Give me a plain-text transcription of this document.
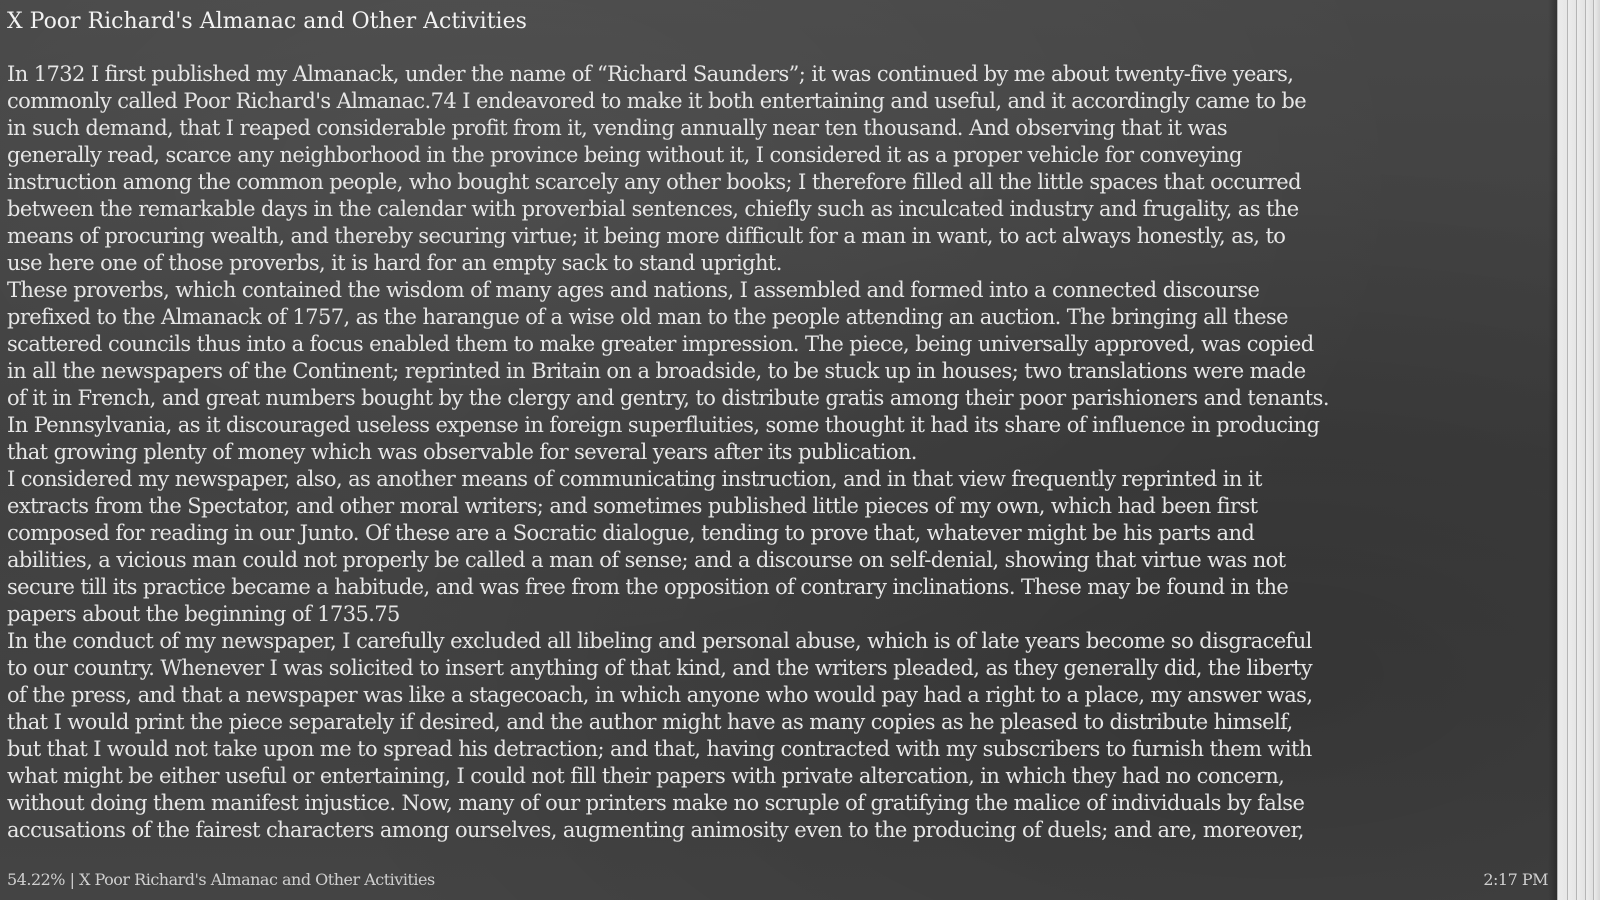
X Poor Richard's Almanac and Other Activities
In 1732 I first published my Almanack, under the name of “Richard Saunders”; it was continued by me about twenty-five years,
commonly called Poor Richard's Almanac.74 I endeavored to make it both entertaining and useful, and it accordingly came to be
in such demand, that I reaped considerable profit from it, vending annually near ten thousand. And observing that it was
generally read, scarce any neighborhood in the province being without it, I considered it as a proper vehicle for conveying
instruction among the common people, who bought scarcely any other books; I therefore filled all the little spaces that occurred
between the remarkable days in the calendar with proverbial sentences, chiefly such as inculcated industry and frugality, as the
means of procuring wealth, and thereby securing virtue; it being more difficult for a man in want, to act always honestly, as, to
use here one of those proverbs, it is hard for an empty sack to stand upright.
These proverbs, which contained the wisdom of many ages and nations, I assembled and formed into a connected discourse
prefixed to the Almanack of 1757, as the harangue of a wise old man to the people attending an auction. The bringing all these
scattered councils thus into a focus enabled them to make greater impression. The piece, being universally approved, was copied
in all the newspapers of the Continent; reprinted in Britain on a broadside, to be stuck up in houses; two translations were made
of it in French, and great numbers bought by the clergy and gentry, to distribute gratis among their poor parishioners and tenants.
In Pennsylvania, as it discouraged useless expense in foreign superfluities, some thought it had its share of influence in producing
that growing plenty of money which was observable for several years after its publication.
I considered my newspaper, also, as another means of communicating instruction, and in that view frequently reprinted in it
extracts from the Spectator, and other moral writers; and sometimes published little pieces of my own, which had been first
composed for reading in our Junto. Of these are a Socratic dialogue, tending to prove that, whatever might be his parts and
abilities, a vicious man could not properly be called a man of sense; and a discourse on self-denial, showing that virtue was not
secure till its practice became a habitude, and was free from the opposition of contrary inclinations. These may be found in the
papers about the beginning of 1735.75
In the conduct of my newspaper, I carefully excluded all libeling and personal abuse, which is of late years become so disgraceful
to our country. Whenever I was solicited to insert anything of that kind, and the writers pleaded, as they generally did, the liberty
of the press, and that a newspaper was like a stagecoach, in which anyone who would pay had a right to a place, my answer was,
that I would print the piece separately if desired, and the author might have as many copies as he pleased to distribute himself,
but that I would not take upon me to spread his detraction; and that, having contracted with my subscribers to furnish them with
what might be either useful or entertaining, I could not fill their papers with private altercation, in which they had no concern,
without doing them manifest injustice. Now, many of our printers make no scruple of gratifying the malice of individuals by false
accusations of the fairest characters among ourselves, augmenting animosity even to the producing of duels; and are, moreover,
54.22% | X Poor Richard's Almanac and Other Activities	2:17 PM
